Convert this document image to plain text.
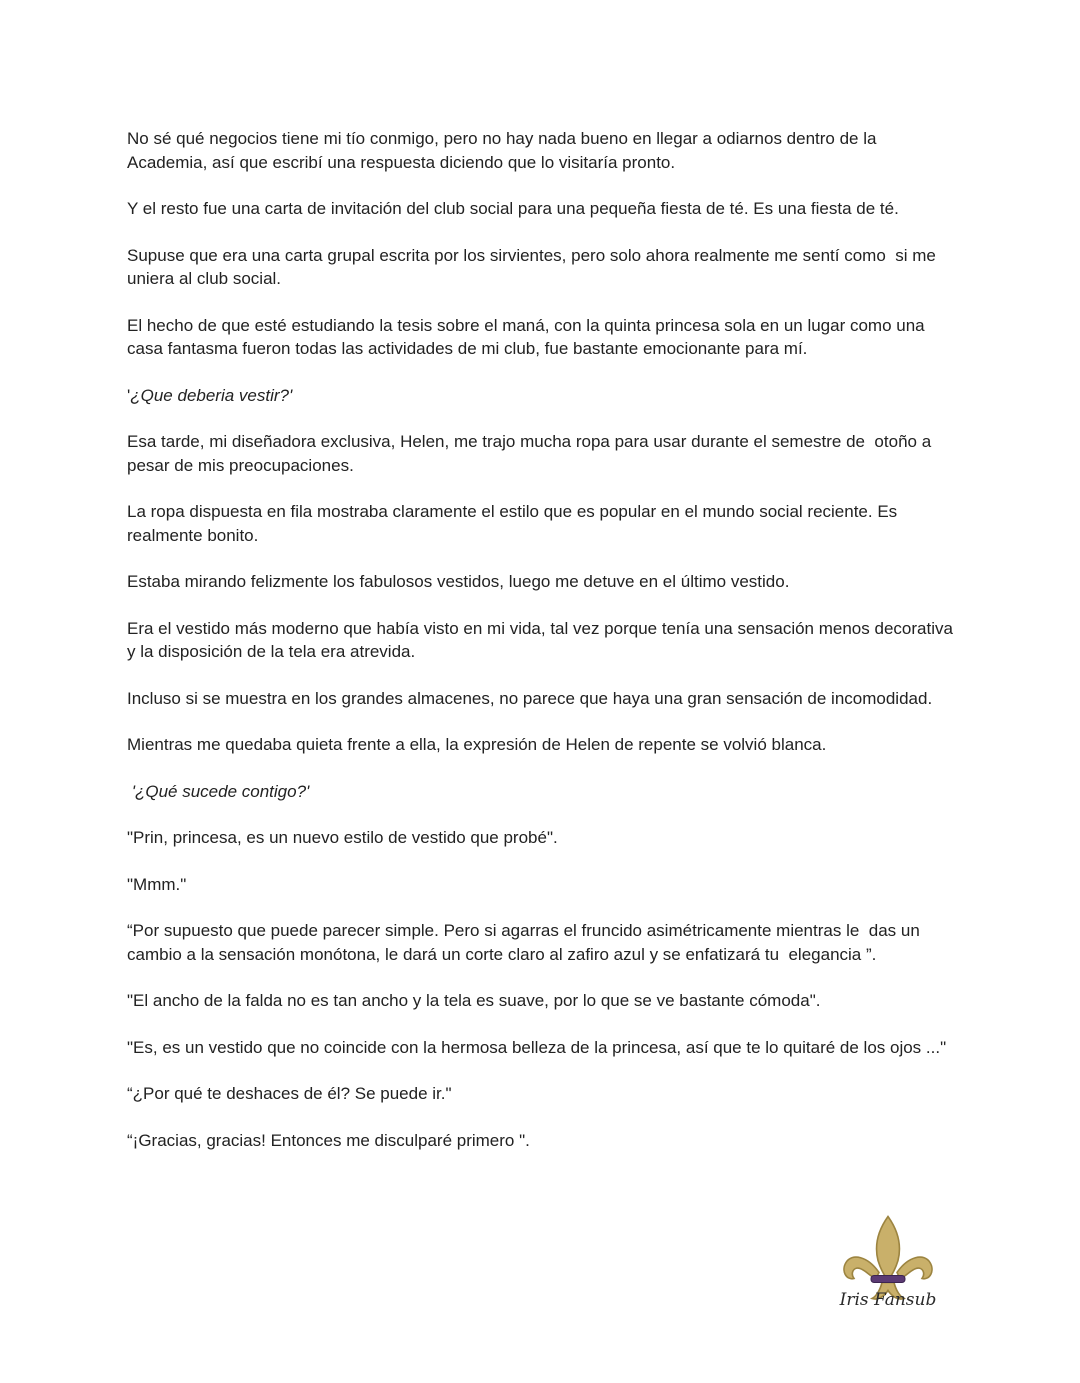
No sé qué negocios tiene mi tío conmigo, pero no hay nada bueno en llegar a odiarnos dentro de la Academia, así que escribí una respuesta diciendo que lo visitaría pronto.

Y el resto fue una carta de invitación del club social para una pequeña fiesta de té. Es una fiesta de té.

Supuse que era una carta grupal escrita por los sirvientes, pero solo ahora realmente me sentí como  si me uniera al club social.

El hecho de que esté estudiando la tesis sobre el maná, con la quinta princesa sola en un lugar como una casa fantasma fueron todas las actividades de mi club, fue bastante emocionante para mí.

'¿Que deberia vestir?'

Esa tarde, mi diseñadora exclusiva, Helen, me trajo mucha ropa para usar durante el semestre de  otoño a pesar de mis preocupaciones.

La ropa dispuesta en fila mostraba claramente el estilo que es popular en el mundo social reciente. Es realmente bonito.

Estaba mirando felizmente los fabulosos vestidos, luego me detuve en el último vestido.

Era el vestido más moderno que había visto en mi vida, tal vez porque tenía una sensación menos decorativa y la disposición de la tela era atrevida.

Incluso si se muestra en los grandes almacenes, no parece que haya una gran sensación de incomodidad.

Mientras me quedaba quieta frente a ella, la expresión de Helen de repente se volvió blanca.

'¿Qué sucede contigo?'

"Prin, princesa, es un nuevo estilo de vestido que probé".

"Mmm."

“Por supuesto que puede parecer simple. Pero si agarras el fruncido asimétricamente mientras le  das un cambio a la sensación monótona, le dará un corte claro al zafiro azul y se enfatizará tu  elegancia ”.

"El ancho de la falda no es tan ancho y la tela es suave, por lo que se ve bastante cómoda".

"Es, es un vestido que no coincide con la hermosa belleza de la princesa, así que te lo quitaré de los ojos ..."

“¿Por qué te deshaces de él? Se puede ir."

“¡Gracias, gracias! Entonces me disculparé primero ".

Iris Fansub
